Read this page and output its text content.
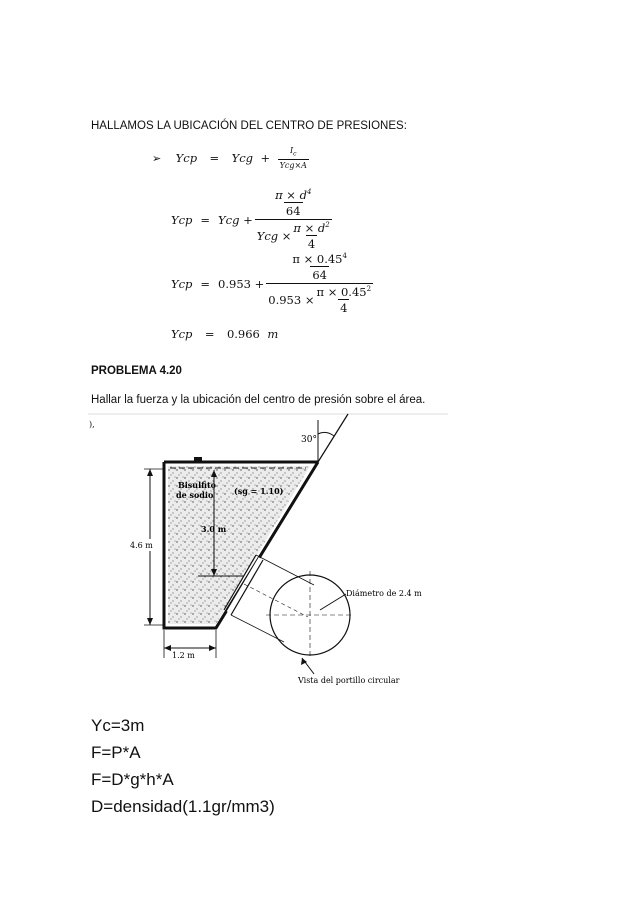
HALLAMOS LA UBICACIÓN DEL CENTRO DE PRESIONES:
➢ Ycp = Ycg + $\frac{I_c}{\text{Ycg×A}}$
Ycp = Ycg + $\frac{\frac{\pi \times d^4}{64}}{Ycg \times \frac{\pi \times d^2}{4}}$
Ycp = $0.953 + \frac{\frac{\pi \times 0.45^4}{64}}{0.953 \times \frac{\pi \times 0.45^2}{4}}$
Ycp = 0.966 m
PROBLEMA 4.20
Hallar la fuerza y la ubicación del centro de presión sobre el área.
),
30°
Diámetro de 2.4 m
Vista del portillo circular
Bisulfito
de sodio	(sg = 1.10)
3.0 m
4.6 m
1.2 m
Yc=3m
F=P*A
F=D*g*h*A
D=densidad(1.1gr/mm3)
